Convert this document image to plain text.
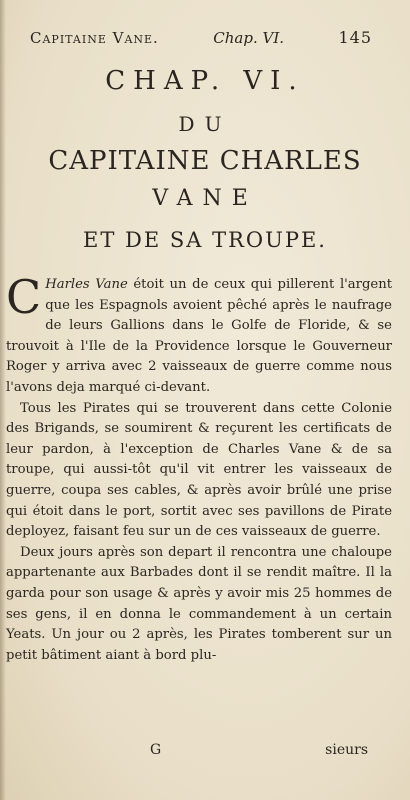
Capitaine Vane.	Chap. VI.	145
CHAP. VI.
DU
CAPITAINE CHARLES
VANE
ET DE SA TROUPE.

C Harles Vane étoit un de ceux qui pillerent l'argent que les Espagnols avoient pêché après le naufrage de leurs Gallions dans le Golfe de Floride, & se trouvoit à l'Ile de la Providence lorsque le Gouverneur Roger y arriva avec 2 vaisseaux de guerre comme nous l'avons deja marqué ci-devant.

Tous les Pirates qui se trouverent dans cette Colonie des Brigands, se soumirent & reçurent les certificats de leur pardon, à l'exception de Charles Vane & de sa troupe, qui aussi-tôt qu'il vit entrer les vaisseaux de guerre, coupa ses cables, & après avoir brûlé une prise qui étoit dans le port, sortit avec ses pavillons de Pirate deployez, faisant feu sur un de ces vaisseaux de guerre.

Deux jours après son depart il rencontra une chaloupe appartenante aux Barbades dont il se rendit maître. Il la garda pour son usage & après y avoir mis 25 hommes de ses gens, il en donna le commandement à un certain Yeats. Un jour ou 2 après, les Pirates tomberent sur un petit bâtiment aiant à bord plu-

G	sieurs
